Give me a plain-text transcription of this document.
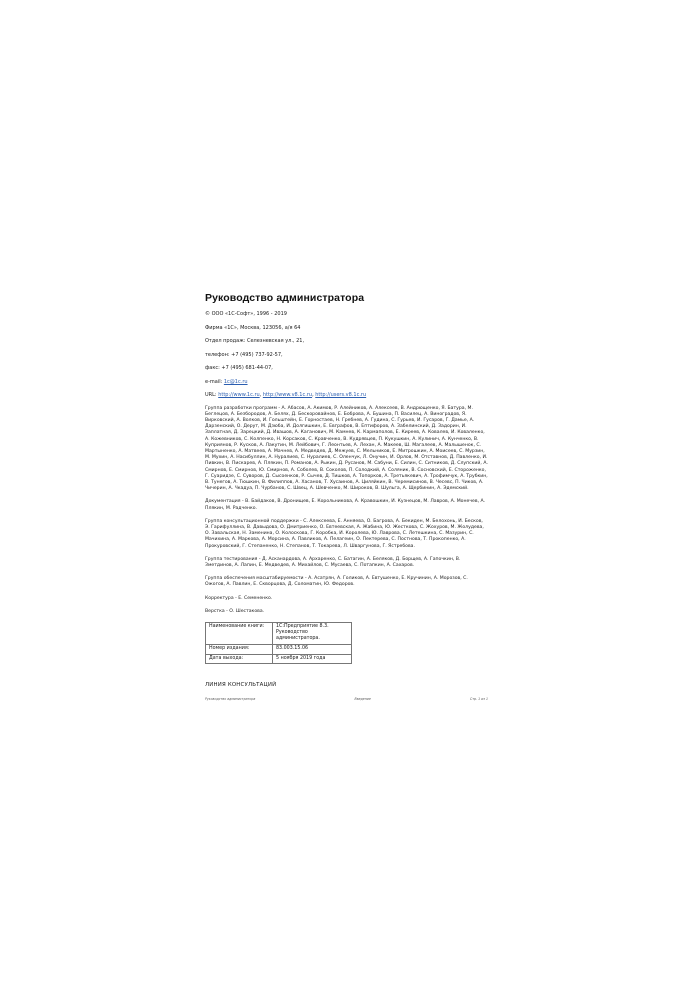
Руководство администратора
© ООО «1С-Софт», 1996 - 2019
Фирма «1С», Москва, 123056, а/я 64
Отдел продаж: Селезневская ул., 21,
телефон: +7 (495) 737-92-57,
факс: +7 (495) 681-44-07,
e-mail: 1c@1c.ru
URL: http://www.1c.ru, http://www.v8.1c.ru, http://users.v8.1c.ru

Группа разработки программ - А. Абасов, А. Акимов, Р. Алейников, А. Алексеев, В. Андрющенко, Я. Батура, М. Беглецов, А. Безбородов, А. Белях, Д. Бескоровайнов, Е. Боброва, А. Бушина, П. Василец, А. Виноградов, Я. Вирковский, А. Волков, И. Гольштейн, Е. Горностаев, Н. Гребнев, А. Гудина, С. Гурьев, И. Гусаров, Г. Дамье, А. Дарзенский, О. Дерут, М. Дзюба, И. Долгишкин, Е. Евграфов, В. Ептифоров, А. Забелинский, Д. Задорин, И. Заплатная, Д. Зарецкий, Д. Ивашов, А. Каганович, М. Камнев, К. Кармаполов, Е. Киреев, А. Ковалев, И. Коваленко, А. Кожевников, С. Колпенко, Н. Корсаков, С. Кравченко, В. Кудрявцев, П. Кукушкин, А. Кулинич, А. Кунченко, В. Куприянов, Р. Кусков, А. Лакутин, М. Лейбович, Г. Леонтьев, А. Лехан, А. Макеев, Ш. Магалеев, А. Малышенок, С. Мартыненко, А. Матвеев, А. Мачнев, А. Медведев, Д. Межуев, С. Мельников, Е. Митрошкин, А. Моисеев, С. Мурзин, М. Мухин, А. Насибуллин, А. Нуралиев, С. Нуралиев, С. Оленчук, Л. Онучин, И. Орлов, М. Отставнов, Д. Павленко, И. Пивкин, В. Пискарев, А. Плякин, П. Романов, А. Рыкин, Д. Русанов, М. Сабуни, Е. Силин, С. Ситников, Д. Слупский, А. Смирнов, Е. Смирнов, Ю. Смирнов, А. Соболев, В. Соколов, П. Солодкий, А. Соляник, В. Сосновский, Е. Стороженко, Г. Суаридзе, С. Суворов, Д. Сысоенков, Р. Сычев, Д. Тишков, А. Топорков, А. Третьякевич, А. Трофимчук, А. Трубкин, В. Тунегов, А. Тюшкин, В. Филиппов, А. Хасанов, Т. Хусаинов, А. Циляйкин, В. Черемисинов, В. Чесевс, П. Чиков, А. Чичерин, А. Чкадуа, П. Чурбанов, С. Швец, А. Шевченко, М. Широков, В. Шульга, А. Щербинин, А. Эдемский.

Документация - В. Байдаков, В. Дронищев, Е. Корольникова, А. Кравошкин, И. Кузнецов, М. Лавров, А. Монечев, А. Плякин, М. Радченко.

Группа консультационной поддержки - С. Алексеева, Е. Анняева, О. Багрова, А. Бекиден, М. Белохонь, И. Бесков, Э. Гарифуллина, В. Давыдова, О. Дмитриенко, О. Евтеевская, А. Жабина, Ю. Жесткова, С. Жохуров, М. Жолудева, О. Завальская, Н. Заменина, О. Колоскова, Г. Коробка, И. Королева, Ю. Лаврова, С. Летешкина, С. Мазурин, С. Мачихина, А. Маркова, А. Морсина, А. Павликов, А. Пелагеин, О. Пектерева, С. Постнова, Т. Прокопенко, А. Прокуровский, Г. Степаненко, Н. Степанов, Т. Токарева, Л. Шваргунова, Г. Ястребова.

Группа тестирования - Д. Асканардова, А. Архаренко, С. Батагин, А. Беляков, Д. Борщев, А. Гапочкин, В. Зметдинов, А. Лапин, Е. Медведев, А. Михайлов, С. Мусаева, С. Потапкин, А. Сахаров.

Группа обеспечения масштабируемости - А. Асатрян, А. Голиков, А. Евтушенко, Е. Кручинин, А. Морозов, С. Ожогов, А. Павлин, Е. Скворцова, Д. Соломатин, Ю. Федоров.

Корректура - Е. Семененко.

Верстка - О. Шестакова.

Наименование книги:	1С:Предприятие 8.3. Руководство администратора.
Номер издания:	83.003.15.06
Дата выхода:	5 ноября 2019 года
ЛИНИЯ КОНСУЛЬТАЦИЙ
Руководство администратора	Введение	Стр. 1 из 1
